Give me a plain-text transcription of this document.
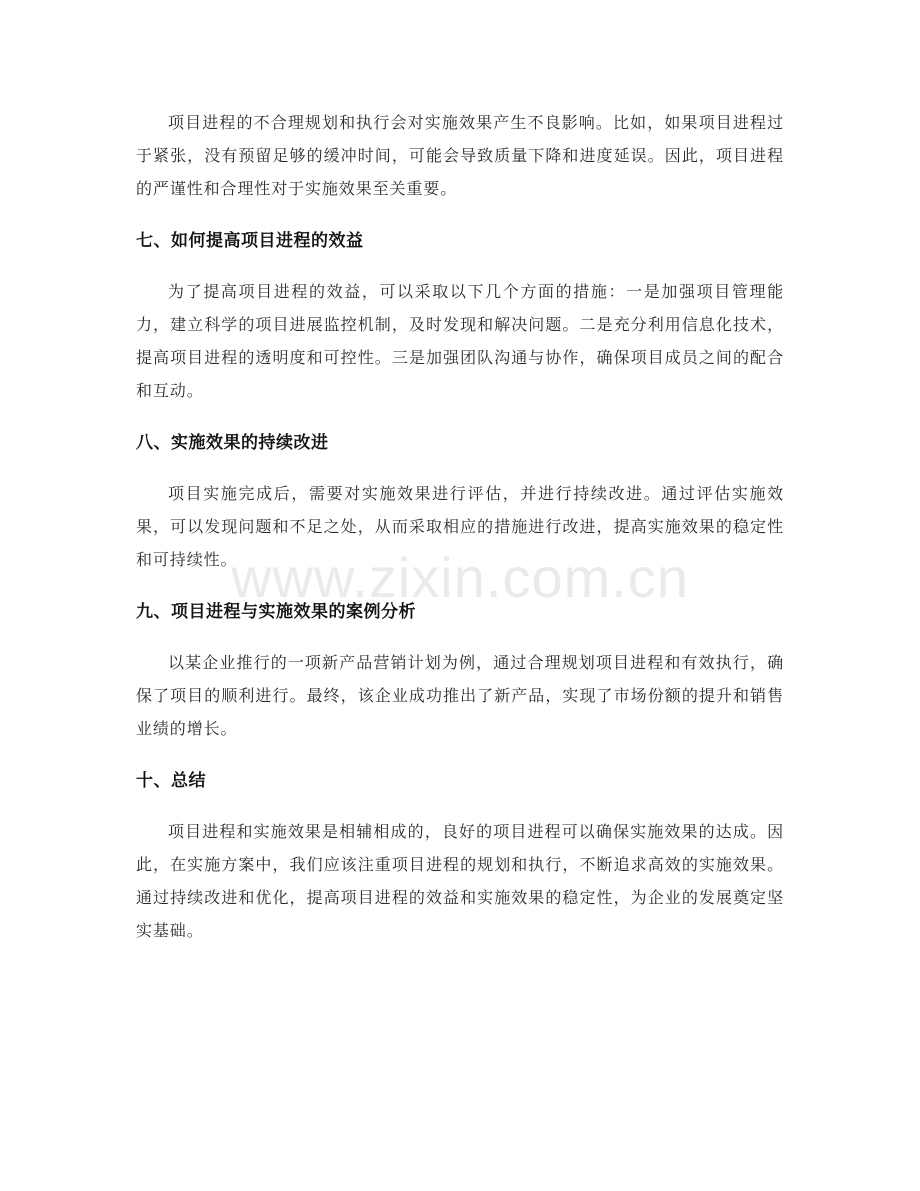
项目进程的不合理规划和执行会对实施效果产生不良影响。比如，如果项目进程过于紧张，没有预留足够的缓冲时间，可能会导致质量下降和进度延误。因此，项目进程的严谨性和合理性对于实施效果至关重要。

七、如何提高项目进程的效益

为了提高项目进程的效益，可以采取以下几个方面的措施：一是加强项目管理能力，建立科学的项目进展监控机制，及时发现和解决问题。二是充分利用信息化技术，提高项目进程的透明度和可控性。三是加强团队沟通与协作，确保项目成员之间的配合和互动。

八、实施效果的持续改进

项目实施完成后，需要对实施效果进行评估，并进行持续改进。通过评估实施效果，可以发现问题和不足之处，从而采取相应的措施进行改进，提高实施效果的稳定性和可持续性。

九、项目进程与实施效果的案例分析

以某企业推行的一项新产品营销计划为例，通过合理规划项目进程和有效执行，确保了项目的顺利进行。最终，该企业成功推出了新产品，实现了市场份额的提升和销售业绩的增长。

十、总结

项目进程和实施效果是相辅相成的，良好的项目进程可以确保实施效果的达成。因此，在实施方案中，我们应该注重项目进程的规划和执行，不断追求高效的实施效果。通过持续改进和优化，提高项目进程的效益和实施效果的稳定性，为企业的发展奠定坚实基础。

www.zixin.com.cn
